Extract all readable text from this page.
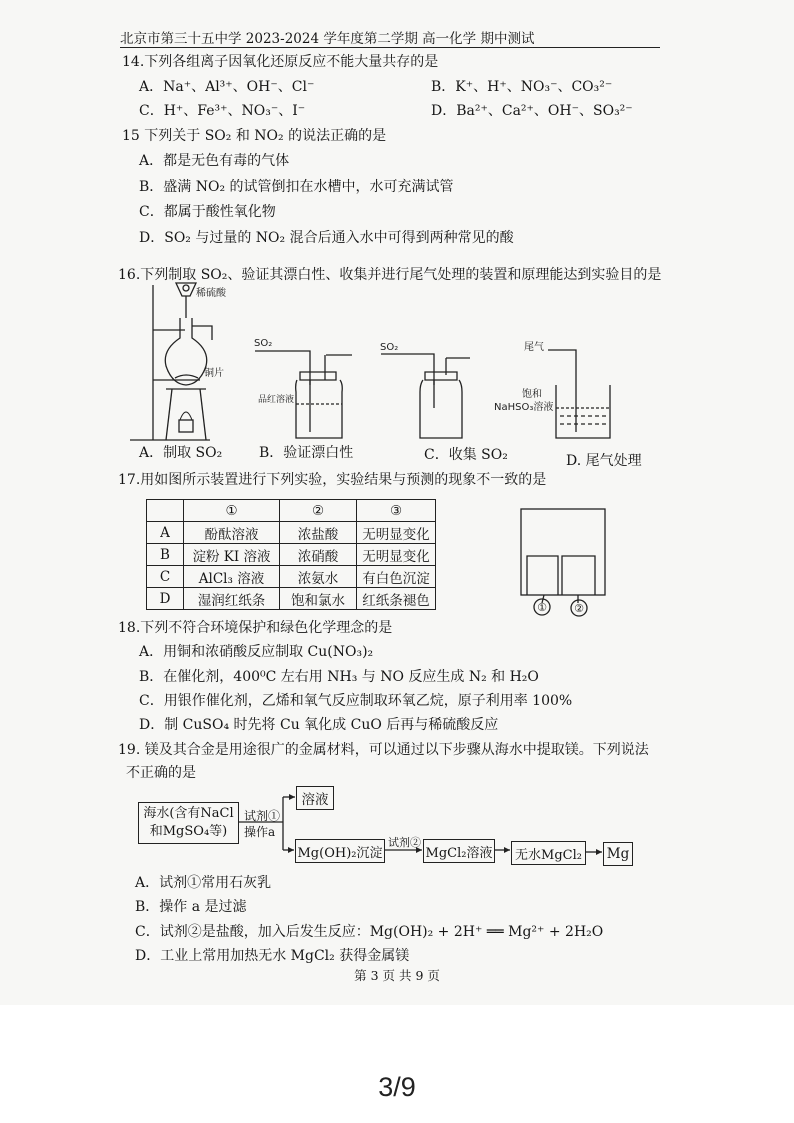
北京市第三十五中学 2023-2024 学年度第二学期 高一化学 期中测试
14.下列各组离子因氧化还原反应不能大量共存的是
A．Na⁺、Al³⁺、OH⁻、Cl⁻	B．K⁺、H⁺、NO₃⁻、CO₃²⁻
C．H⁺、Fe³⁺、NO₃⁻、I⁻	D．Ba²⁺、Ca²⁺、OH⁻、SO₃²⁻
15 下列关于 SO₂ 和 NO₂ 的说法正确的是
A．都是无色有毒的气体
B．盛满 NO₂ 的试管倒扣在水槽中，水可充满试管
C．都属于酸性氧化物
D．SO₂ 与过量的 NO₂ 混合后通入水中可得到两种常见的酸
16.下列制取 SO₂、验证其漂白性、收集并进行尾气处理的装置和原理能达到实验目的是
稀硫酸
铜片
SO₂
品红溶液
SO₂	尾气
饱和
NaHSO₃溶液
A．制取 SO₂	B．验证漂白性	C．收集 SO₂	D. 尾气处理
17.用如图所示装置进行下列实验，实验结果与预测的现象不一致的是
	①	②	③
A	酚酞溶液	浓盐酸	无明显变化
B	淀粉 KI 溶液	浓硝酸	无明显变化
C	AlCl₃ 溶液	浓氨水	有白色沉淀
D	湿润红纸条	饱和氯水	红纸条褪色	① ②
18.下列不符合环境保护和绿色化学理念的是
A．用铜和浓硝酸反应制取 Cu(NO₃)₂
B．在催化剂，400⁰C 左右用 NH₃ 与 NO 反应生成 N₂ 和 H₂O
C．用银作催化剂，乙烯和氧气反应制取环氧乙烷，原子利用率 100%
D．制 CuSO₄ 时先将 Cu 氧化成 CuO 后再与稀硫酸反应
19. 镁及其合金是用途很广的金属材料，可以通过以下步骤从海水中提取镁。下列说法
不正确的是
海水(含有NaCl
和MgSO₄等)
试剂①
操作a
溶液
Mg(OH)₂沉淀
试剂②
MgCl₂溶液	无水MgCl₂ Mg
A．试剂①常用石灰乳
B．操作 a 是过滤
C．试剂②是盐酸，加入后发生反应：Mg(OH)₂ + 2H⁺ ══ Mg²⁺ + 2H₂O
D．工业上常用加热无水 MgCl₂ 获得金属镁
第 3 页 共 9 页
3/9
